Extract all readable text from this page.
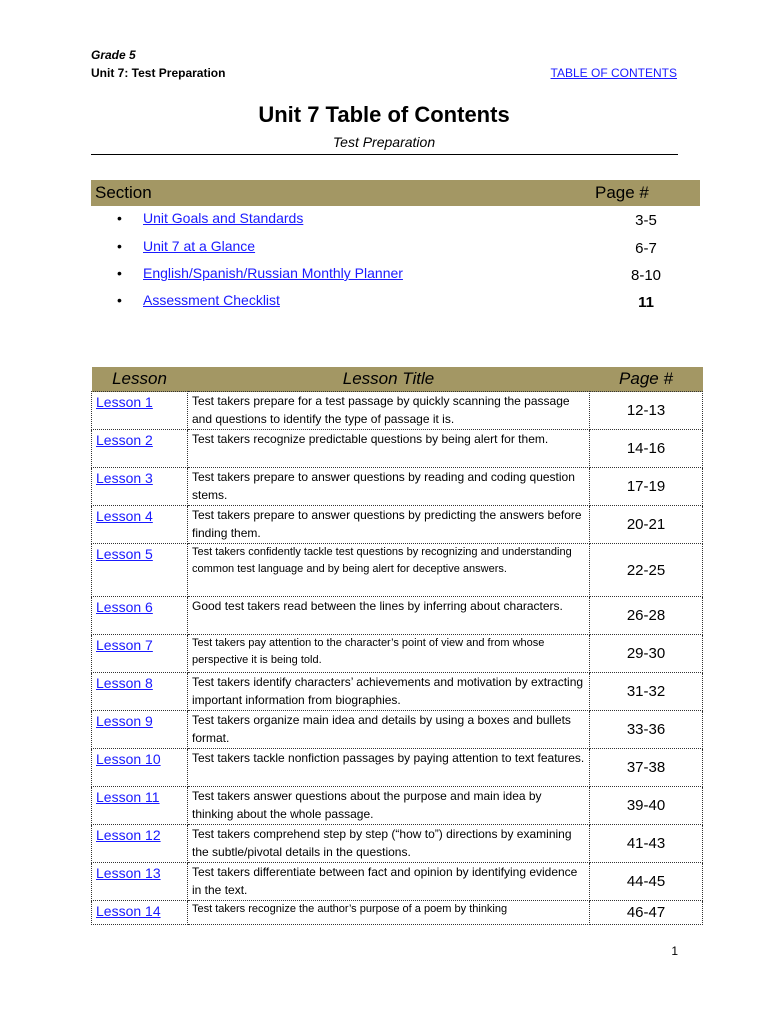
Grade 5
Unit 7: Test Preparation	TABLE OF CONTENTS
Unit 7 Table of Contents
Test Preparation
Section	Page #
• Unit Goals and Standards	3-5
• Unit 7 at a Glance	6-7
• English/Spanish/Russian Monthly Planner	8-10
• Assessment Checklist	11
Lesson	Lesson Title	Page #
Lesson 1	Test takers prepare for a test passage by quickly scanning the passage and questions to identify the type of passage it is.	12-13
Lesson 2	Test takers recognize predictable questions by being alert for them.	14-16
Lesson 3	Test takers prepare to answer questions by reading and coding question stems.	17-19
Lesson 4	Test takers prepare to answer questions by predicting the answers before finding them.	20-21
Lesson 5	Test takers confidently tackle test questions by recognizing and understanding common test language and by being alert for deceptive answers.	22-25
Lesson 6	Good test takers read between the lines by inferring about characters.	26-28
Lesson 7	Test takers pay attention to the character’s point of view and from whose perspective it is being told.	29-30
Lesson 8	Test takers identify characters’ achievements and motivation by extracting important information from biographies.	31-32
Lesson 9	Test takers organize main idea and details by using a boxes and bullets format.	33-36
Lesson 10	Test takers tackle nonfiction passages by paying attention to text features.	37-38
Lesson 11	Test takers answer questions about the purpose and main idea by thinking about the whole passage.	39-40
Lesson 12	Test takers comprehend step by step (“how to”) directions by examining the subtle/pivotal details in the questions.	41-43
Lesson 13	Test takers differentiate between fact and opinion by identifying evidence in the text.	44-45
Lesson 14	Test takers recognize the author’s purpose of a poem by thinking	46-47
1
